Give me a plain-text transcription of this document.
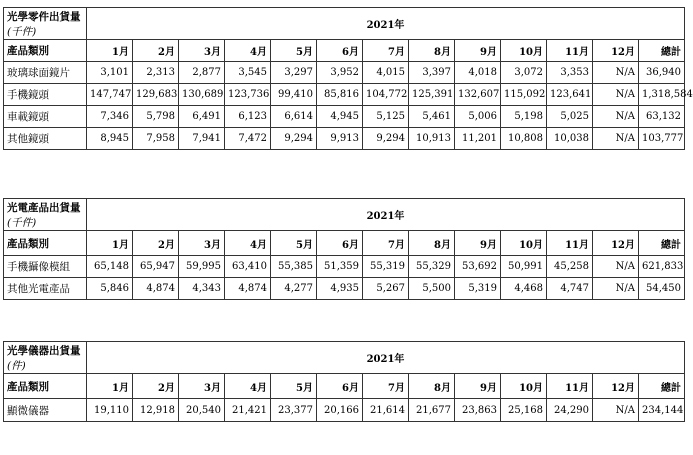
光學零件出貨量	2021年												
(千件)													
產品類別	1月	2月	3月	4月	5月	6月	7月	8月	9月	10月	11月	12月	總計
玻璃球面鏡片	3,101	2,313	2,877	3,545	3,297	3,952	4,015	3,397	4,018	3,072	3,353	N/A	36,940
手機鏡頭	147,747	129,683	130,689	123,736	99,410	85,816	104,772	125,391	132,607	115,092	123,641	N/A	1,318,584
車載鏡頭	7,346	5,798	6,491	6,123	6,614	4,945	5,125	5,461	5,006	5,198	5,025	N/A	63,132
其他鏡頭	8,945	7,958	7,941	7,472	9,294	9,913	9,294	10,913	11,201	10,808	10,038	N/A	103,777
光電產品出貨量	2021年												
(千件)													
產品類別	1月	2月	3月	4月	5月	6月	7月	8月	9月	10月	11月	12月	總計
手機攝像模組	65,148	65,947	59,995	63,410	55,385	51,359	55,319	55,329	53,692	50,991	45,258	N/A	621,833
其他光電產品	5,846	4,874	4,343	4,874	4,277	4,935	5,267	5,500	5,319	4,468	4,747	N/A	54,450
光學儀器出貨量	2021年												
(件)													
產品類別	1月	2月	3月	4月	5月	6月	7月	8月	9月	10月	11月	12月	總計
顯微儀器	19,110	12,918	20,540	21,421	23,377	20,166	21,614	21,677	23,863	25,168	24,290	N/A	234,144
